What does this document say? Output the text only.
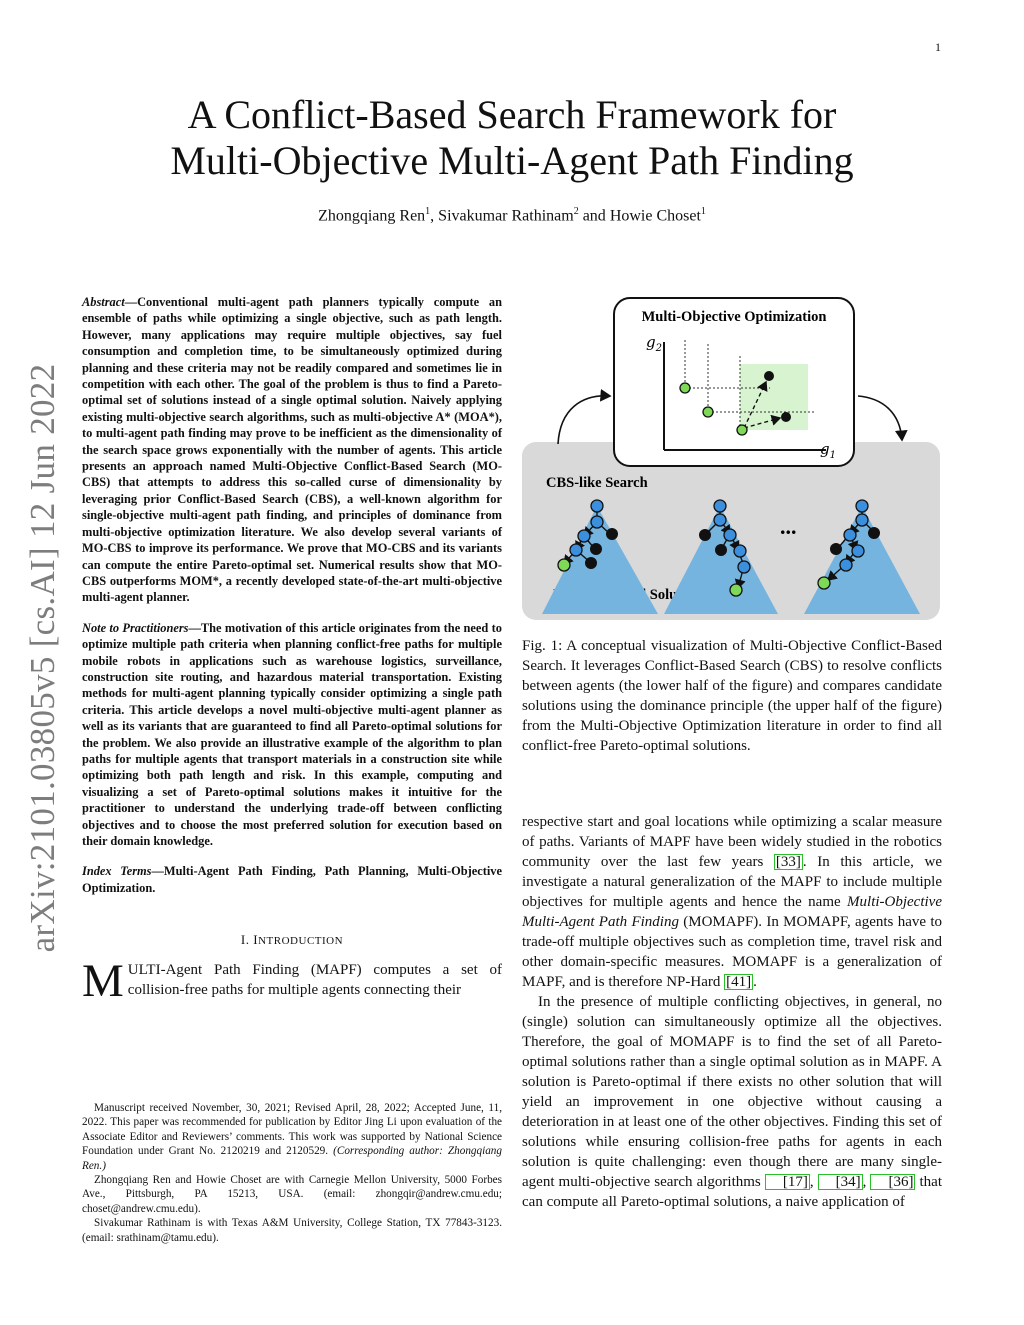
1
arXiv:2101.03805v5 [cs.AI] 12 Jun 2022
A Conflict-Based Search Framework for
Multi-Objective Multi-Agent Path Finding
Zhongqiang Ren$^1$, Sivakumar Rathinam$^2$ and Howie Choset$^1$

Abstract—Conventional multi-agent path planners typically compute an ensemble of paths while optimizing a single objective, such as path length. However, many applications may require multiple objectives, say fuel consumption and completion time, to be simultaneously optimized during planning and these criteria may not be readily compared and sometimes lie in competition with each other. The goal of the problem is thus to find a Pareto-optimal set of solutions instead of a single optimal solution. Naively applying existing multi-objective search algorithms, such as multi-objective A* (MOA*), to multi-agent path finding may prove to be inefficient as the dimensionality of the search space grows exponentially with the number of agents. This article presents an approach named Multi-Objective Conflict-Based Search (MO-CBS) that attempts to address this so-called curse of dimensionality by leveraging prior Conflict-Based Search (CBS), a well-known algorithm for single-objective multi-agent path finding, and principles of dominance from multi-objective optimization literature. We also develop several variants of MO-CBS to improve its performance. We prove that MO-CBS and its variants can compute the entire Pareto-optimal set. Numerical results show that MO-CBS outperforms MOM*, a recently developed state-of-the-art multi-objective multi-agent planner.

Note to Practitioners—The motivation of this article originates from the need to optimize multiple path criteria when planning conflict-free paths for multiple mobile robots in applications such as warehouse logistics, surveillance, construction site routing, and hazardous material transportation. Existing methods for multi-agent planning typically consider optimizing a single path criteria. This article develops a novel multi-objective multi-agent planner as well as its variants that are guaranteed to find all Pareto-optimal solutions for the problem. We also provide an illustrative example of the algorithm to plan paths for multiple agents that transport materials in a construction site while optimizing both path length and risk. In this example, computing and visualizing a set of Pareto-optimal solutions makes it intuitive for the practitioner to understand the underlying trade-off between conflicting objectives and to choose the most preferred solution for execution based on their domain knowledge.

Index Terms—Multi-Agent Path Finding, Path Planning, Multi-Objective Optimization.

I. INTRODUCTION

MULTI-Agent Path Finding (MAPF) computes a set of collision-free paths for multiple agents connecting their

Manuscript received November, 30, 2021; Revised April, 28, 2022; Accepted June, 11, 2022. This paper was recommended for publication by Editor Jing Li upon evaluation of the Associate Editor and Reviewers’ comments. This work was supported by National Science Foundation under Grant No. 2120219 and 2120529. (Corresponding author: Zhongqiang Ren.)

Zhongqiang Ren and Howie Choset are with Carnegie Mellon University, 5000 Forbes Ave., Pittsburgh, PA 15213, USA. (email: zhongqir@andrew.cmu.edu; choset@andrew.cmu.edu).

Sivakumar Rathinam is with Texas A&M University, College Station, TX 77843-3123. (email: srathinam@tamu.edu).

Multi-Objective Optimization
$g_2$
$g_1$
CBS-like Search
...

Fig. 1: A conceptual visualization of Multi-Objective Conflict-Based Search. It leverages Conflict-Based Search (CBS) to resolve conflicts between agents (the lower half of the figure) and compares candidate solutions using the dominance principle (the upper half of the figure) from the Multi-Objective Optimization literature in order to find all conflict-free Pareto-optimal solutions.

respective start and goal locations while optimizing a scalar measure of paths. Variants of MAPF have been widely studied in the robotics community over the last few years [33] . In this article, we investigate a natural generalization of the MAPF to include multiple objectives for multiple agents and hence the name Multi-Objective Multi-Agent Path Finding (MOMAPF). In MOMAPF, agents have to trade-off multiple objectives such as completion time, travel risk and other domain-specific measures. MOMAPF is a generalization of MAPF, and is therefore NP-Hard [41] .

In the presence of multiple conflicting objectives, in general, no (single) solution can simultaneously optimize all the objectives. Therefore, the goal of MOMAPF is to find the set of all Pareto-optimal solutions rather than a single optimal solution as in MAPF. A solution is Pareto-optimal if there exists no other solution that will yield an improvement in one objective without causing a deterioration in at least one of the other objectives. Finding this set of solutions while ensuring collision-free paths for agents in each solution is quite challenging: even though there are many single-agent multi-objective search algorithms [17] , [34] , [36] that can compute all Pareto-optimal solutions, a naive application of
